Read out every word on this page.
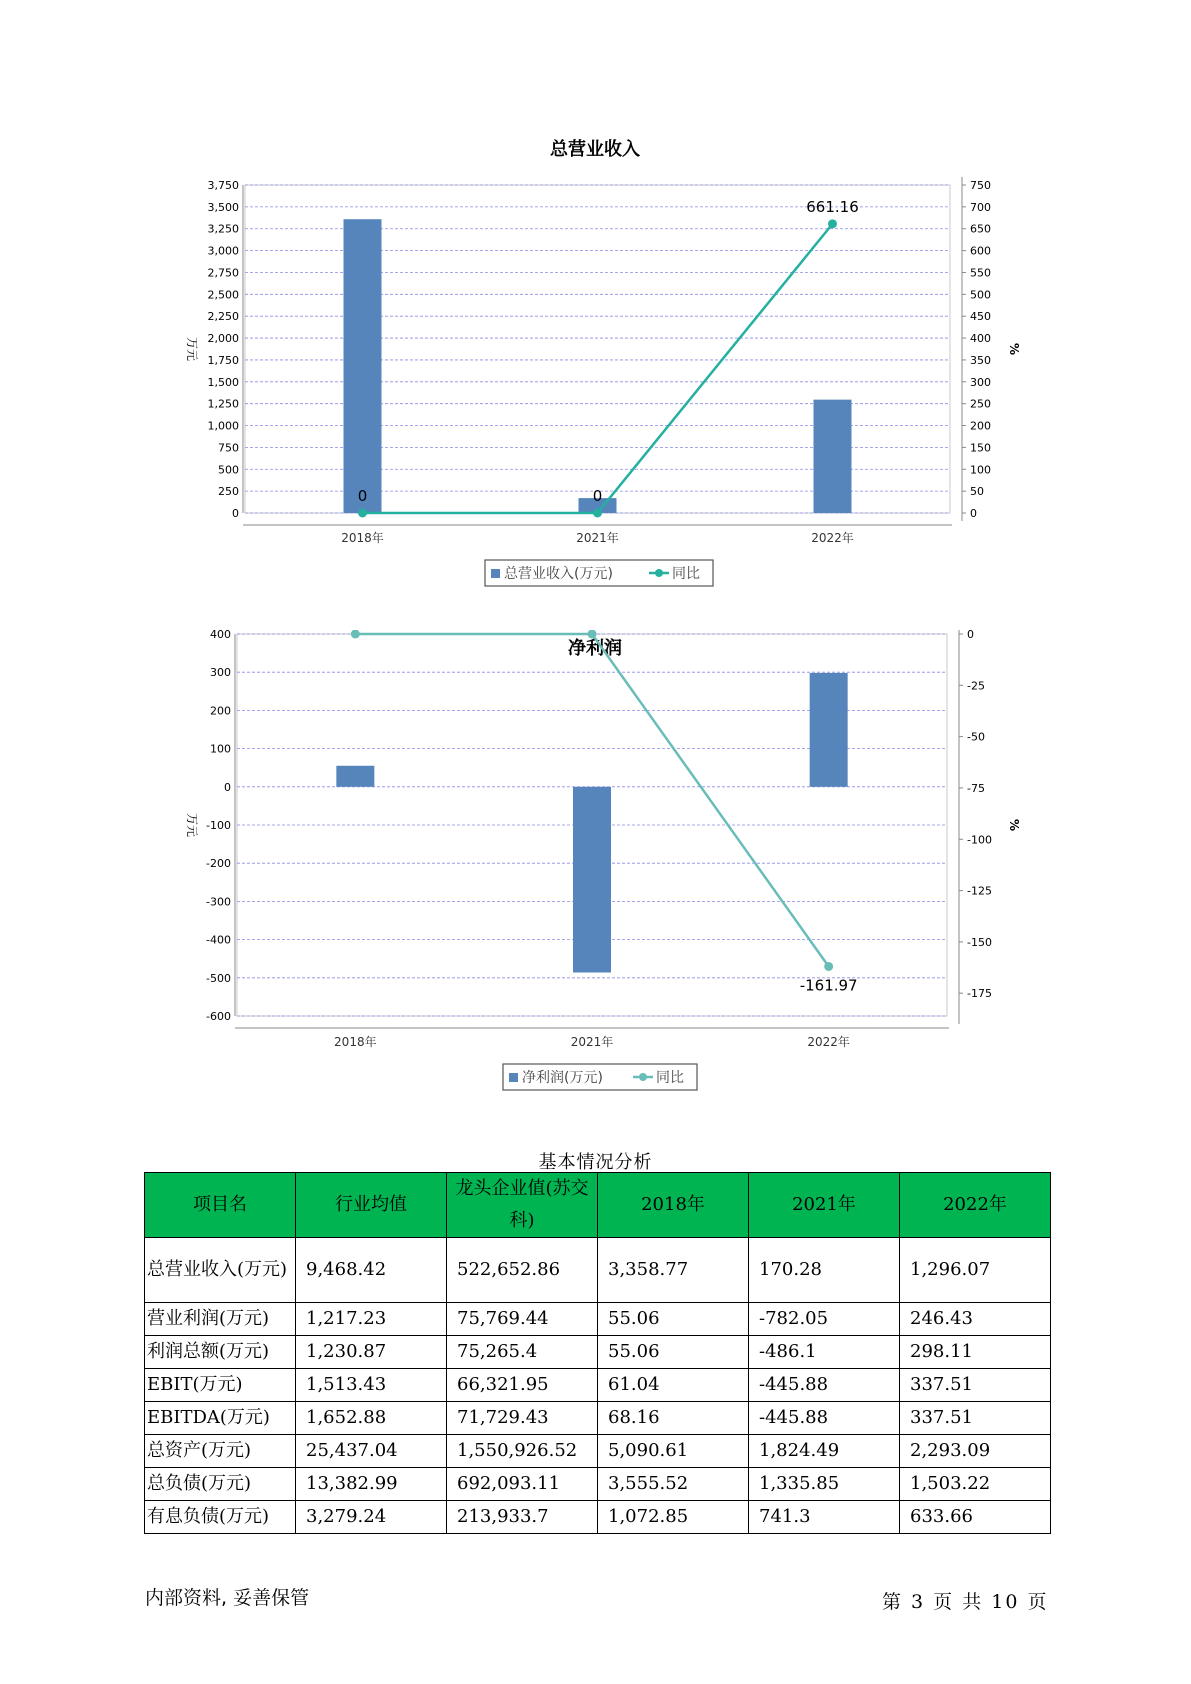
总营业收入
0
250
500
750
1,000
1,250
1,500
1,750
2,000
2,250
2,500
2,750
3,000
3,250
3,500
3,750
0
50
100
150
200
250
300
350
400
450
500
550
600
650
700
750
万元	%
2018年	2021年	2022年
0	0
661.16
总营业收入(万元)	同比
净利润
-600
-500
-400
-300
-200
-100
0
100
200
300
400	0
-25
-50
-75
-100
-125
-150
-175
万元	%
2018年	2021年	2022年
-161.97
净利润(万元)	同比
基本情况分析
项目名	行业均值	龙头企业值(苏交科)	2018年	2021年	2022年
总营业收入(万元)	9,468.42	522,652.86	3,358.77	170.28	1,296.07
营业利润(万元)	1,217.23	75,769.44	55.06	-782.05	246.43
利润总额(万元)	1,230.87	75,265.4	55.06	-486.1	298.11
EBIT(万元)	1,513.43	66,321.95	61.04	-445.88	337.51
EBITDA(万元)	1,652.88	71,729.43	68.16	-445.88	337.51
总资产(万元)	25,437.04	1,550,926.52	5,090.61	1,824.49	2,293.09
总负债(万元)	13,382.99	692,093.11	3,555.52	1,335.85	1,503.22
有息负债(万元)	3,279.24	213,933.7	1,072.85	741.3	633.66
内部资料, 妥善保管	第 3 页 共 10 页
